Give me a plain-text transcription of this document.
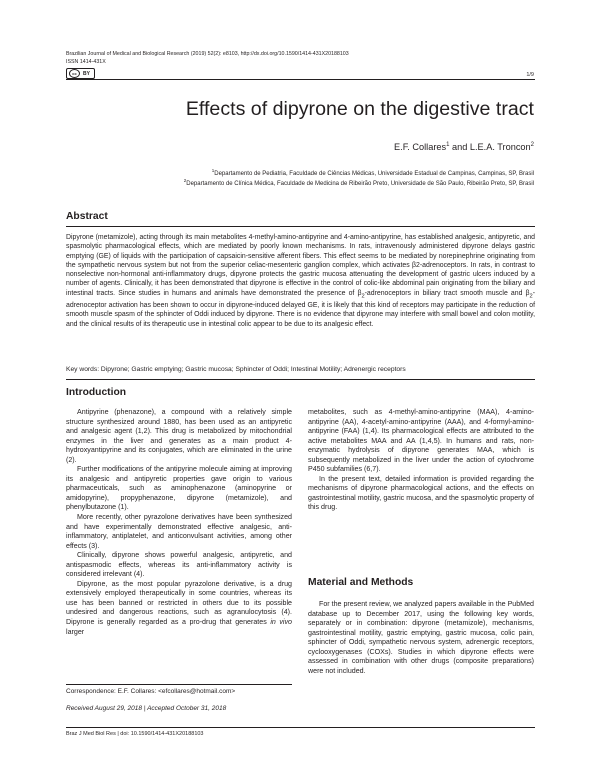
Brazilian Journal of Medical and Biological Research (2019) 52(2): e8103, http://dx.doi.org/10.1590/1414-431X20188103
ISSN 1414-431X
cc	BY	1/9
Effects of dipyrone on the digestive tract
E.F. Collares$^1$ and L.E.A. Troncon$^2$
$^1$Departamento de Pediatria, Faculdade de Ciências Médicas, Universidade Estadual de Campinas, Campinas, SP, Brasil
$^2$Departamento de Clínica Médica, Faculdade de Medicina de Ribeirão Preto, Universidade de São Paulo, Ribeirão Preto, SP, Brasil
Abstract
Dipyrone (metamizole), acting through its main metabolites 4-methyl-amino-antipyrine and 4-amino-antipyrine, has established analgesic, antipyretic, and spasmolytic pharmacological effects, which are mediated by poorly known mechanisms. In rats, intravenously administered dipyrone delays gastric emptying (GE) of liquids with the participation of capsaicin-sensitive afferent fibers. This effect seems to be mediated by norepinephrine originating from the sympathetic nervous system but not from the superior celiac-mesenteric ganglion complex, which activates β2-adrenoceptors. In rats, in contrast to nonselective non-hormonal anti-inflammatory drugs, dipyrone protects the gastric mucosa attenuating the development of gastric ulcers induced by a number of agents. Clinically, it has been demonstrated that dipyrone is effective in the control of colic-like abdominal pain originating from the biliary and intestinal tracts. Since studies in humans and animals have demonstrated the presence of $\beta_2$-adrenoceptors in biliary tract smooth muscle and $\beta_2$-adrenoceptor activation has been shown to occur in dipyrone-induced delayed GE, it is likely that this kind of receptors may participate in the reduction of smooth muscle spasm of the sphincter of Oddi induced by dipyrone. There is no evidence that dipyrone may interfere with small bowel and colon motility, and the clinical results of its therapeutic use in intestinal colic appear to be due to its analgesic effect.
Key words: Dipyrone; Gastric emptying; Gastric mucosa; Sphincter of Oddi; Intestinal Motility; Adrenergic receptors
Introduction

Antipyrine (phenazone), a compound with a relatively simple structure synthesized around 1880, has been used as an antipyretic and analgesic agent (1,2). This drug is metabolized by mitochondrial enzymes in the liver and generates as a main product 4-hydroxyantipyrine and its conjugates, which are eliminated in the urine (2).

Further modifications of the antipyrine molecule aiming at improving its analgesic and antipyretic properties gave origin to various pharmaceuticals, such as aminophenazone (aminopyrine or amidopyrine), propyphenazone, dipyrone (metamizole), and phenylbutazone (1).

More recently, other pyrazolone derivatives have been synthesized and have experimentally demonstrated effective analgesic, anti-inflammatory, antiplatelet, and anticonvulsant activities, among other effects (3).

Clinically, dipyrone shows powerful analgesic, antipyretic, and antispasmodic effects, whereas its anti-inflammatory activity is considered irrelevant (4).

Dipyrone, as the most popular pyrazolone derivative, is a drug extensively employed therapeutically in some countries, whereas its use has been banned or restricted in others due to its possible undesired and dangerous reactions, such as agranulocytosis (4). Dipyrone is generally regarded as a pro-drug that generates in vivo larger

metabolites, such as 4-methyl-amino-antipyrine (MAA), 4-amino-antipyrine (AA), 4-acetyl-amino-antipyrine (AAA), and 4-formyl-amino-antipyrine (FAA) (1,4). Its pharmacological effects are attributed to the active metabolites MAA and AA (1,4,5). In humans and rats, non-enzymatic hydrolysis of dipyrone generates MAA, which is subsequently metabolized in the liver under the action of cytochrome P450 subfamilies (6,7).

In the present text, detailed information is provided regarding the mechanisms of dipyrone pharmacological actions, and the effects on gastrointestinal motility, gastric mucosa, and the spasmolytic property of this drug.

Material and Methods

For the present review, we analyzed papers available in the PubMed database up to December 2017, using the following key words, separately or in combination: dipyrone (metamizole), mechanisms, gastrointestinal motility, gastric emptying, gastric mucosa, colic pain, sphincter of Oddi, sympathetic nervous system, adrenergic receptors, cyclooxygenases (COXs). Studies in which dipyrone effects were assessed in combination with other drugs (composite preparations) were not included.

Correspondence: E.F. Collares: <efcollares@hotmail.com>
Received August 29, 2018 | Accepted October 31, 2018
Braz J Med Biol Res | doi: 10.1590/1414-431X20188103
